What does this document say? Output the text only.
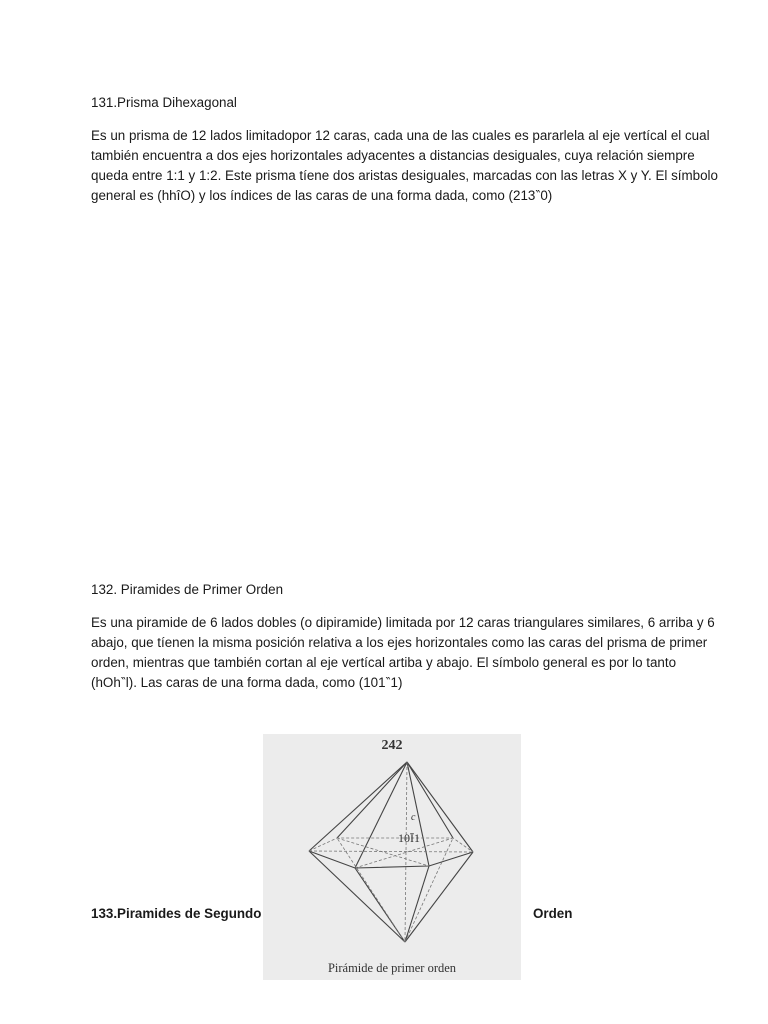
131.Prisma Dihexagonal

Es un prisma de 12 lados limitadopor 12 caras, cada una de las cuales es pararlela al eje vertícal el cual
también encuentra a dos ejes horizontales adyacentes a distancias desiguales, cuya relación siempre
queda entre 1:1 y 1:2. Este prisma tíene dos aristas desiguales, marcadas con las letras X y Y. El símbolo
general es (hhîO) y los índices de las caras de una forma dada, como (213‶0)

132. Piramides de Primer Orden

Es una piramide de 6 lados dobles (o dipiramide) limitada por 12 caras triangulares similares, 6 arriba y 6
abajo, que tíenen la misma posición relativa a los ejes horizontales como las caras del prisma de primer
orden, mientras que también cortan al eje vertícal artiba y abajo. El símbolo general es por lo tanto
(hOh‶l). Las caras de una forma dada, como (101‶1)

133.Piramides de Segundo	Orden

242
10Ī1
c
Pirámide de primer orden
